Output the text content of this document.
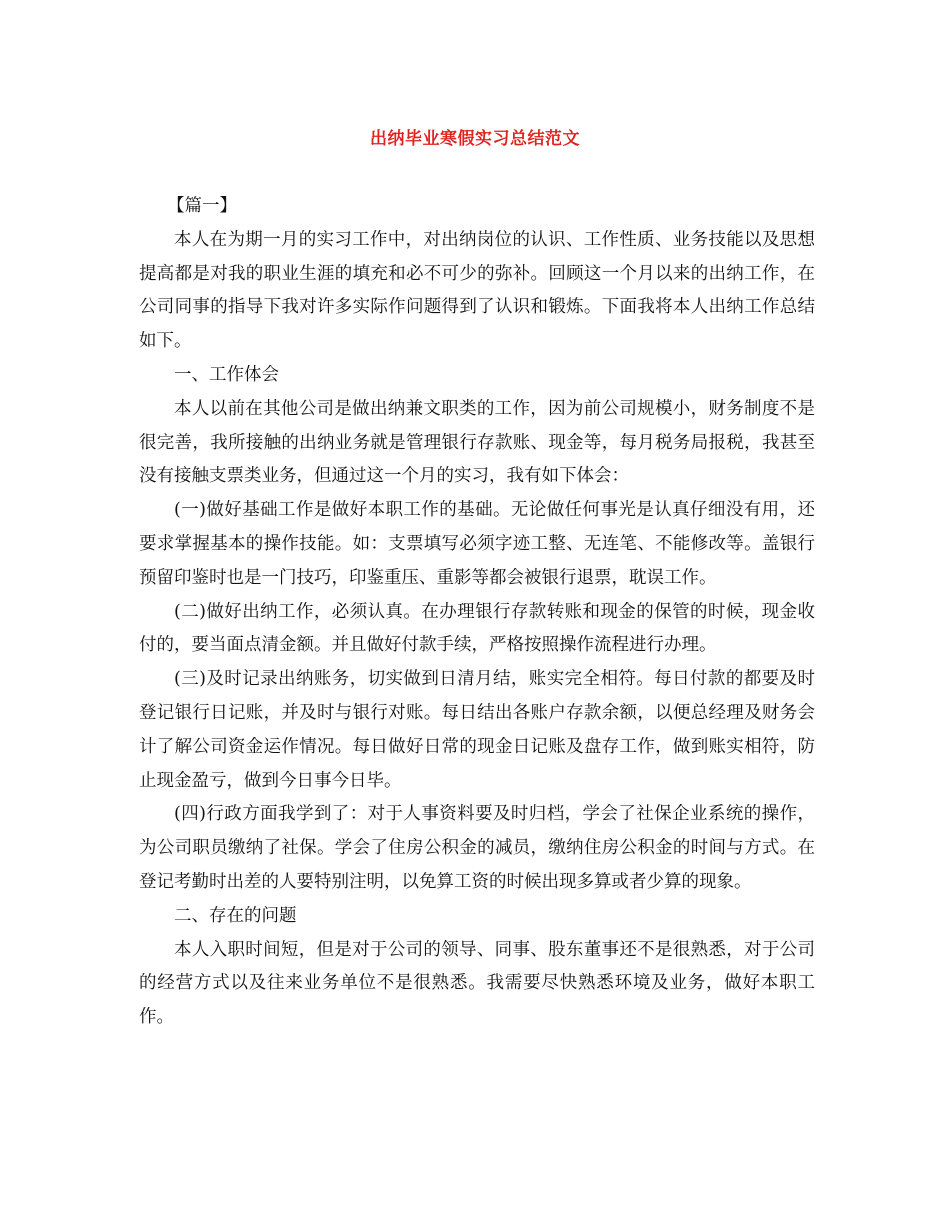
出纳毕业寒假实习总结范文

【篇一】

本人在为期一月的实习工作中，对出纳岗位的认识、工作性质、业务技能以及思想提高都是对我的职业生涯的填充和必不可少的弥补。回顾这一个月以来的出纳工作，在公司同事的指导下我对许多实际作问题得到了认识和锻炼。下面我将本人出纳工作总结如下。

一、工作体会

本人以前在其他公司是做出纳兼文职类的工作，因为前公司规模小，财务制度不是很完善，我所接触的出纳业务就是管理银行存款账、现金等，每月税务局报税，我甚至没有接触支票类业务，但通过这一个月的实习，我有如下体会：

(一)做好基础工作是做好本职工作的基础。无论做任何事光是认真仔细没有用，还要求掌握基本的操作技能。如：支票填写必须字迹工整、无连笔、不能修改等。盖银行预留印鉴时也是一门技巧，印鉴重压、重影等都会被银行退票，耽误工作。

(二)做好出纳工作，必须认真。在办理银行存款转账和现金的保管的时候，现金收付的，要当面点清金额。并且做好付款手续，严格按照操作流程进行办理。

(三)及时记录出纳账务，切实做到日清月结，账实完全相符。每日付款的都要及时登记银行日记账，并及时与银行对账。每日结出各账户存款余额，以便总经理及财务会计了解公司资金运作情况。每日做好日常的现金日记账及盘存工作，做到账实相符，防止现金盈亏，做到今日事今日毕。

(四)行政方面我学到了：对于人事资料要及时归档，学会了社保企业系统的操作，为公司职员缴纳了社保。学会了住房公积金的减员，缴纳住房公积金的时间与方式。在登记考勤时出差的人要特别注明，以免算工资的时候出现多算或者少算的现象。

二、存在的问题

本人入职时间短，但是对于公司的领导、同事、股东董事还不是很熟悉，对于公司的经营方式以及往来业务单位不是很熟悉。我需要尽快熟悉环境及业务，做好本职工作。
